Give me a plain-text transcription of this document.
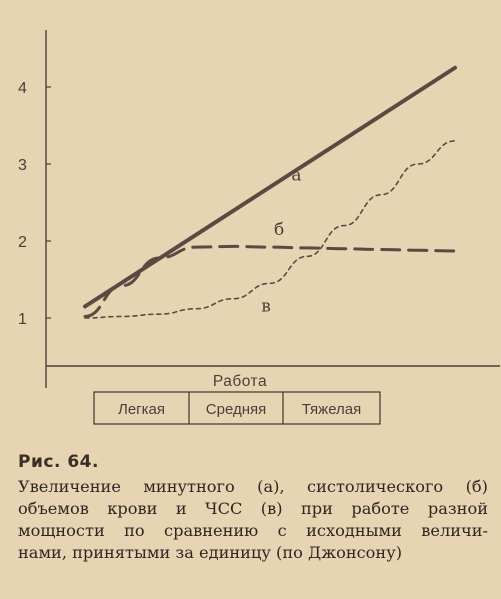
1
2
3
4
а
б
в
Работа
Легкая	Средняя Тяжелая
Рис. 64.
Увеличение минутного (а), систолического (б)
объемов крови и ЧСС (в) при работе разной
мощности по сравнению с исходными величи-
нами, принятыми за единицу (по Джонсону)
